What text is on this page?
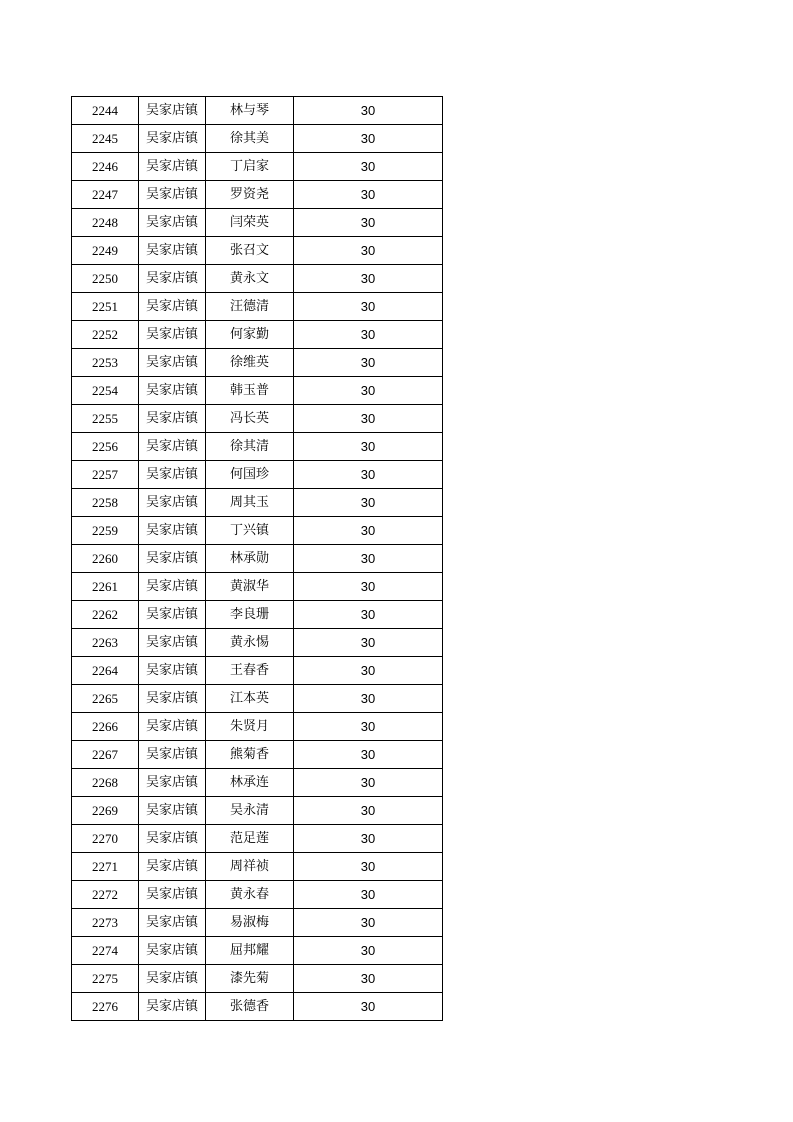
2244	吴家店镇	林与琴	30
2245	吴家店镇	徐其美	30
2246	吴家店镇	丁启家	30
2247	吴家店镇	罗资尧	30
2248	吴家店镇	闫荣英	30
2249	吴家店镇	张召文	30
2250	吴家店镇	黄永文	30
2251	吴家店镇	汪德清	30
2252	吴家店镇	何家勤	30
2253	吴家店镇	徐维英	30
2254	吴家店镇	韩玉普	30
2255	吴家店镇	冯长英	30
2256	吴家店镇	徐其清	30
2257	吴家店镇	何国珍	30
2258	吴家店镇	周其玉	30
2259	吴家店镇	丁兴镇	30
2260	吴家店镇	林承勋	30
2261	吴家店镇	黄淑华	30
2262	吴家店镇	李良珊	30
2263	吴家店镇	黄永惕	30
2264	吴家店镇	王春香	30
2265	吴家店镇	江本英	30
2266	吴家店镇	朱贤月	30
2267	吴家店镇	熊菊香	30
2268	吴家店镇	林承连	30
2269	吴家店镇	吴永清	30
2270	吴家店镇	范足莲	30
2271	吴家店镇	周祥祯	30
2272	吴家店镇	黄永春	30
2273	吴家店镇	易淑梅	30
2274	吴家店镇	屈邦耀	30
2275	吴家店镇	漆先菊	30
2276	吴家店镇	张德香	30
